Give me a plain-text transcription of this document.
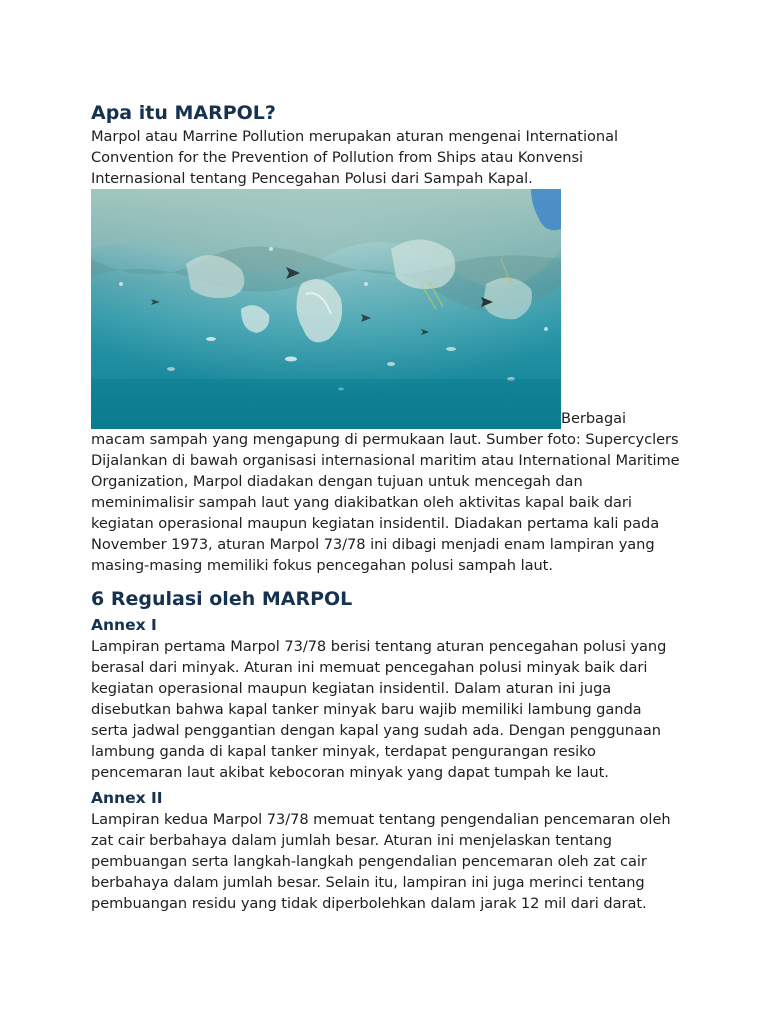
Apa itu MARPOL?

Marpol atau Marrine Pollution merupakan aturan mengenai International Convention for the Prevention of Pollution from Ships atau Konvensi Internasional tentang Pencegahan Polusi dari Sampah Kapal.

Berbagai macam sampah yang mengapung di permukaan laut. Sumber foto: Supercyclers

Dijalankan di bawah organisasi internasional maritim atau International Maritime Organization, Marpol diadakan dengan tujuan untuk mencegah dan meminimalisir sampah laut yang diakibatkan oleh aktivitas kapal baik dari kegiatan operasional maupun kegiatan insidentil. Diadakan pertama kali pada November 1973, aturan Marpol 73/78 ini dibagi menjadi enam lampiran yang masing-masing memiliki fokus pencegahan polusi sampah laut.

6 Regulasi oleh MARPOL
Annex I

Lampiran pertama Marpol 73/78 berisi tentang aturan pencegahan polusi yang berasal dari minyak. Aturan ini memuat pencegahan polusi minyak baik dari kegiatan operasional maupun kegiatan insidentil. Dalam aturan ini juga disebutkan bahwa kapal tanker minyak baru wajib memiliki lambung ganda serta jadwal penggantian dengan kapal yang sudah ada. Dengan penggunaan lambung ganda di kapal tanker minyak, terdapat pengurangan resiko pencemaran laut akibat kebocoran minyak yang dapat tumpah ke laut.

Annex II

Lampiran kedua Marpol 73/78 memuat tentang pengendalian pencemaran oleh zat cair berbahaya dalam jumlah besar. Aturan ini menjelaskan tentang pembuangan serta langkah-langkah pengendalian pencemaran oleh zat cair berbahaya dalam jumlah besar. Selain itu, lampiran ini juga merinci tentang pembuangan residu yang tidak diperbolehkan dalam jarak 12 mil dari darat.
